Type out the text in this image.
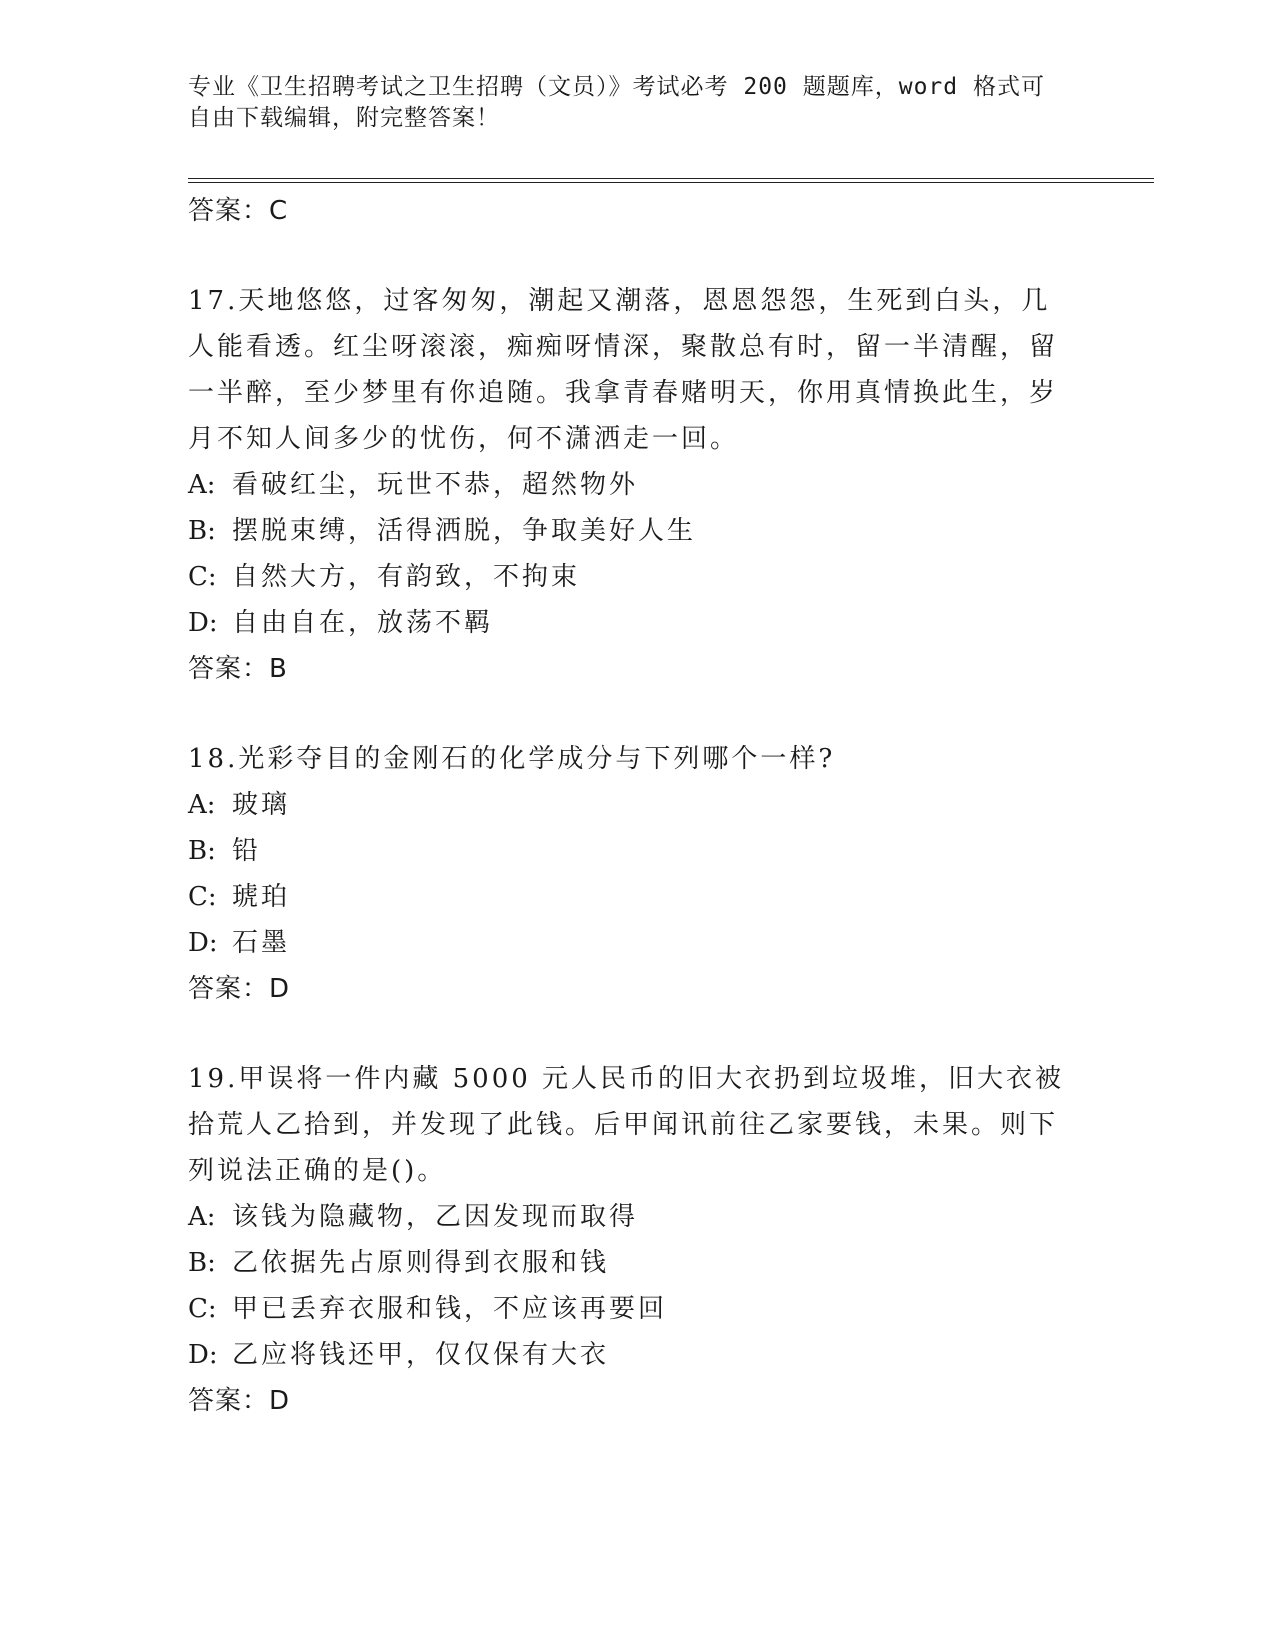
专业《卫生招聘考试之卫生招聘（文员）》考试必考 200 题题库，word 格式可自由下载编辑，附完整答案！
答案：C

17.天地悠悠，过客匆匆，潮起又潮落，恩恩怨怨，生死到白头，几人能看透。红尘呀滚滚，痴痴呀情深，聚散总有时，留一半清醒，留一半醉，至少梦里有你追随。我拿青春赌明天，你用真情换此生，岁月不知人间多少的忧伤，何不潇洒走一回。

A: 看破红尘，玩世不恭，超然物外
B: 摆脱束缚，活得洒脱，争取美好人生
C: 自然大方，有韵致，不拘束
D: 自由自在，放荡不羁
答案：B

18.光彩夺目的金刚石的化学成分与下列哪个一样?

A: 玻璃
B: 铅
C: 琥珀
D: 石墨
答案：D

19.甲误将一件内藏 5000 元人民币的旧大衣扔到垃圾堆，旧大衣被拾荒人乙拾到，并发现了此钱。后甲闻讯前往乙家要钱，未果。则下列说法正确的是()。

A: 该钱为隐藏物，乙因发现而取得
B: 乙依据先占原则得到衣服和钱
C: 甲已丢弃衣服和钱，不应该再要回
D: 乙应将钱还甲，仅仅保有大衣
答案：D
